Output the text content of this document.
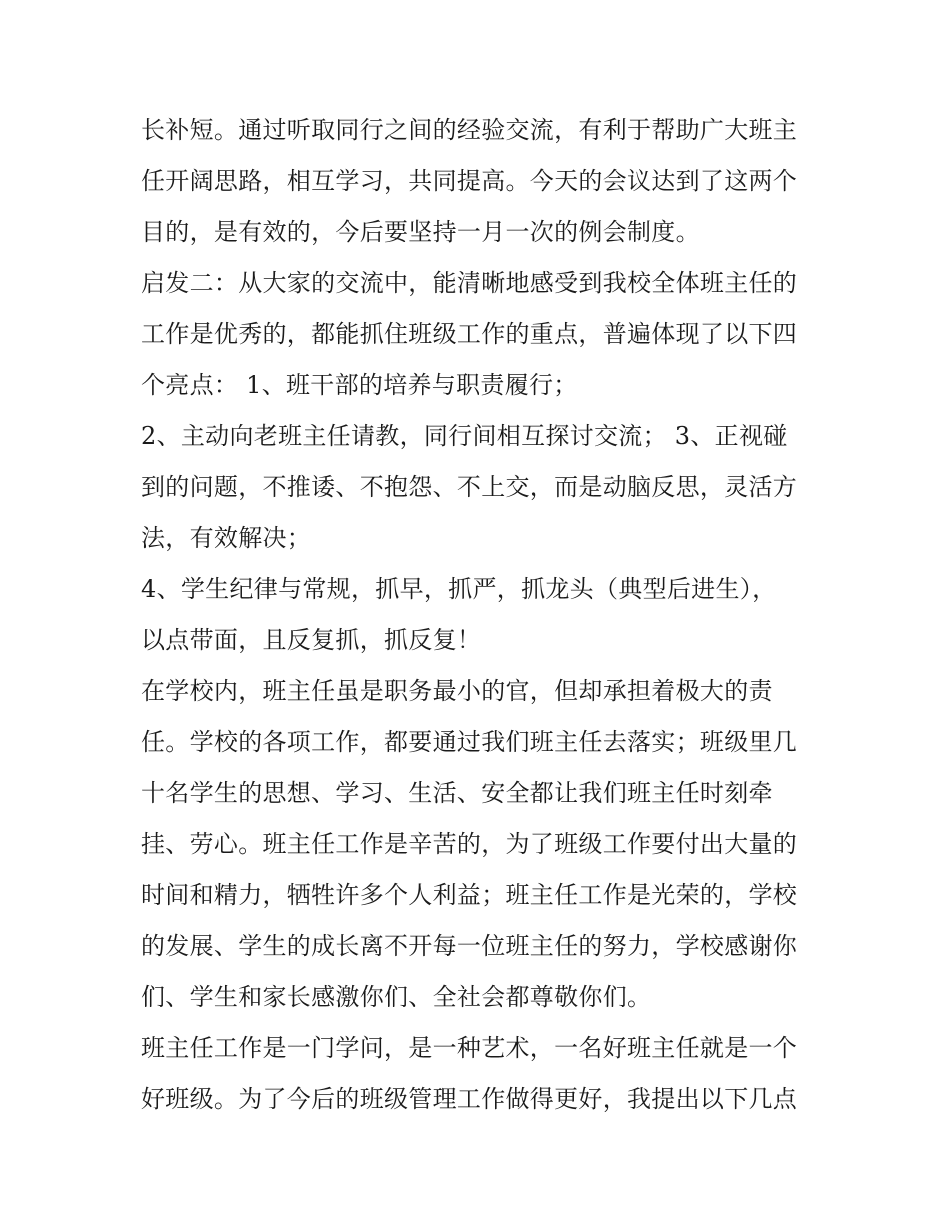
长补短。通过听取同行之间的经验交流，有利于帮助广大班主
任开阔思路，相互学习，共同提高。今天的会议达到了这两个
目的，是有效的，今后要坚持一月一次的例会制度。
启发二：从大家的交流中，能清晰地感受到我校全体班主任的
工作是优秀的，都能抓住班级工作的重点，普遍体现了以下四
个亮点： 1、班干部的培养与职责履行；
2、主动向老班主任请教，同行间相互探讨交流； 3、正视碰
到的问题，不推诿、不抱怨、不上交，而是动脑反思，灵活方
法，有效解决；
4、学生纪律与常规，抓早，抓严，抓龙头（典型后进生），
以点带面，且反复抓，抓反复！
在学校内，班主任虽是职务最小的官，但却承担着极大的责
任。学校的各项工作，都要通过我们班主任去落实；班级里几
十名学生的思想、学习、生活、安全都让我们班主任时刻牵
挂、劳心。班主任工作是辛苦的，为了班级工作要付出大量的
时间和精力，牺牲许多个人利益；班主任工作是光荣的，学校
的发展、学生的成长离不开每一位班主任的努力，学校感谢你
们、学生和家长感激你们、全社会都尊敬你们。
班主任工作是一门学问，是一种艺术，一名好班主任就是一个
好班级。为了今后的班级管理工作做得更好，我提出以下几点
